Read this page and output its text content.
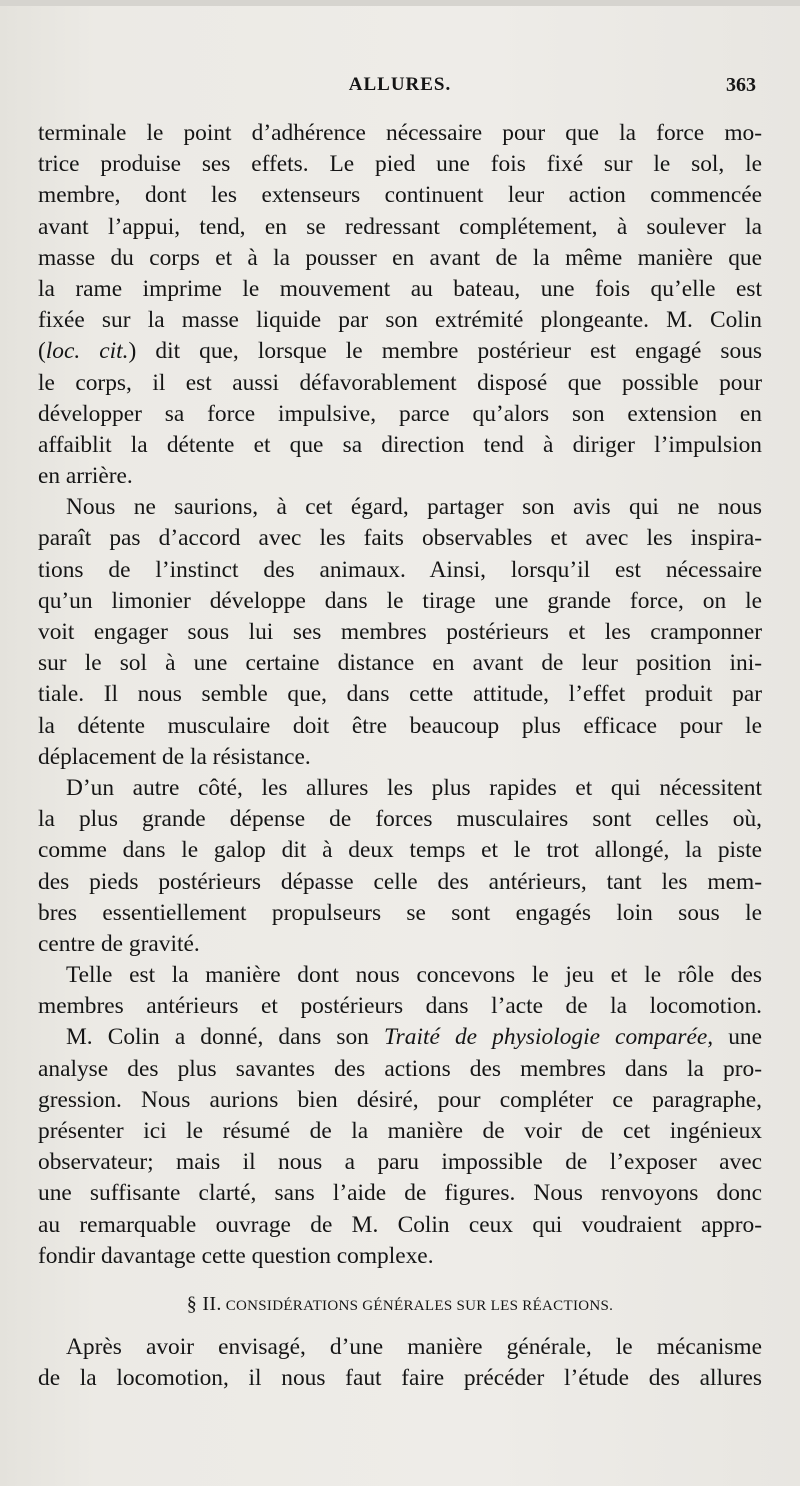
ALLURES.	363
terminale le point d’adhérence nécessaire pour que la force mo-
trice produise ses effets. Le pied une fois fixé sur le sol, le
membre, dont les extenseurs continuent leur action commencée
avant l’appui, tend, en se redressant complétement, à soulever la
masse du corps et à la pousser en avant de la même manière que
la rame imprime le mouvement au bateau, une fois qu’elle est
fixée sur la masse liquide par son extrémité plongeante. M. Colin
(loc. cit.) dit que, lorsque le membre postérieur est engagé sous
le corps, il est aussi défavorablement disposé que possible pour
développer sa force impulsive, parce qu’alors son extension en
affaiblit la détente et que sa direction tend à diriger l’impulsion
en arrière.
Nous ne saurions, à cet égard, partager son avis qui ne nous
paraît pas d’accord avec les faits observables et avec les inspira-
tions de l’instinct des animaux. Ainsi, lorsqu’il est nécessaire
qu’un limonier développe dans le tirage une grande force, on le
voit engager sous lui ses membres postérieurs et les cramponner
sur le sol à une certaine distance en avant de leur position ini-
tiale. Il nous semble que, dans cette attitude, l’effet produit par
la détente musculaire doit être beaucoup plus efficace pour le
déplacement de la résistance.
D’un autre côté, les allures les plus rapides et qui nécessitent
la plus grande dépense de forces musculaires sont celles où,
comme dans le galop dit à deux temps et le trot allongé, la piste
des pieds postérieurs dépasse celle des antérieurs, tant les mem-
bres essentiellement propulseurs se sont engagés loin sous le
centre de gravité.
Telle est la manière dont nous concevons le jeu et le rôle des
membres antérieurs et postérieurs dans l’acte de la locomotion.
M. Colin a donné, dans son Traité de physiologie comparée, une
analyse des plus savantes des actions des membres dans la pro-
gression. Nous aurions bien désiré, pour compléter ce paragraphe,
présenter ici le résumé de la manière de voir de cet ingénieux
observateur; mais il nous a paru impossible de l’exposer avec
une suffisante clarté, sans l’aide de figures. Nous renvoyons donc
au remarquable ouvrage de M. Colin ceux qui voudraient appro-
fondir davantage cette question complexe.
§ II. CONSIDÉRATIONS GÉNÉRALES SUR LES RÉACTIONS.
Après avoir envisagé, d’une manière générale, le mécanisme
de la locomotion, il nous faut faire précéder l’étude des allures
